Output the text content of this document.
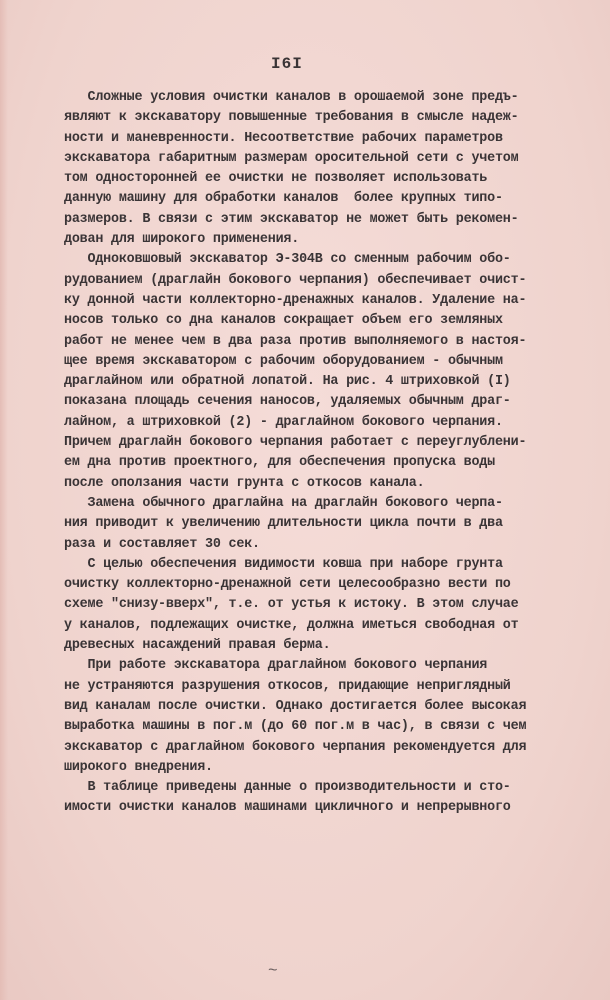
I6I
Сложные условия очистки каналов в орошаемой зоне предъ-
являют к экскаватору повышенные требования в смысле надеж-
ности и маневренности. Несоответствие рабочих параметров
экскаватора габаритным размерам оросительной сети с учетом
том односторонней ее очистки не позволяет использовать
данную машину для обработки каналов  более крупных типо-
размеров. В связи с этим экскаватор не может быть рекомен-
дован для широкого применения.
Одноковшовый экскаватор Э-304В со сменным рабочим обо-
рудованием (драглайн бокового черпания) обеспечивает очист-
ку донной части коллекторно-дренажных каналов. Удаление на-
носов только со дна каналов сокращает объем его земляных
работ не менее чем в два раза против выполняемого в настоя-
щее время экскаватором с рабочим оборудованием - обычным
драглайном или обратной лопатой. На рис. 4 штриховкой (I)
показана площадь сечения наносов, удаляемых обычным драг-
лайном, а штриховкой (2) - драглайном бокового черпания.
Причем драглайн бокового черпания работает с переуглублени-
ем дна против проектного, для обеспечения пропуска воды
после оползания части грунта с откосов канала.
Замена обычного драглайна на драглайн бокового черпа-
ния приводит к увеличению длительности цикла почти в два
раза и составляет 30 сек.
С целью обеспечения видимости ковша при наборе грунта
очистку коллекторно-дренажной сети целесообразно вести по
схеме "снизу-вверх", т.е. от устья к истоку. В этом случае
у каналов, подлежащих очистке, должна иметься свободная от
древесных насаждений правая берма.
При работе экскаватора драглайном бокового черпания
не устраняются разрушения откосов, придающие неприглядный
вид каналам после очистки. Однако достигается более высокая
выработка машины в пог.м (до 60 пог.м в час), в связи с чем
экскаватор с драглайном бокового черпания рекомендуется для
широкого внедрения.
В таблице приведены данные о производительности и сто-
имости очистки каналов машинами цикличного и непрерывного
~
